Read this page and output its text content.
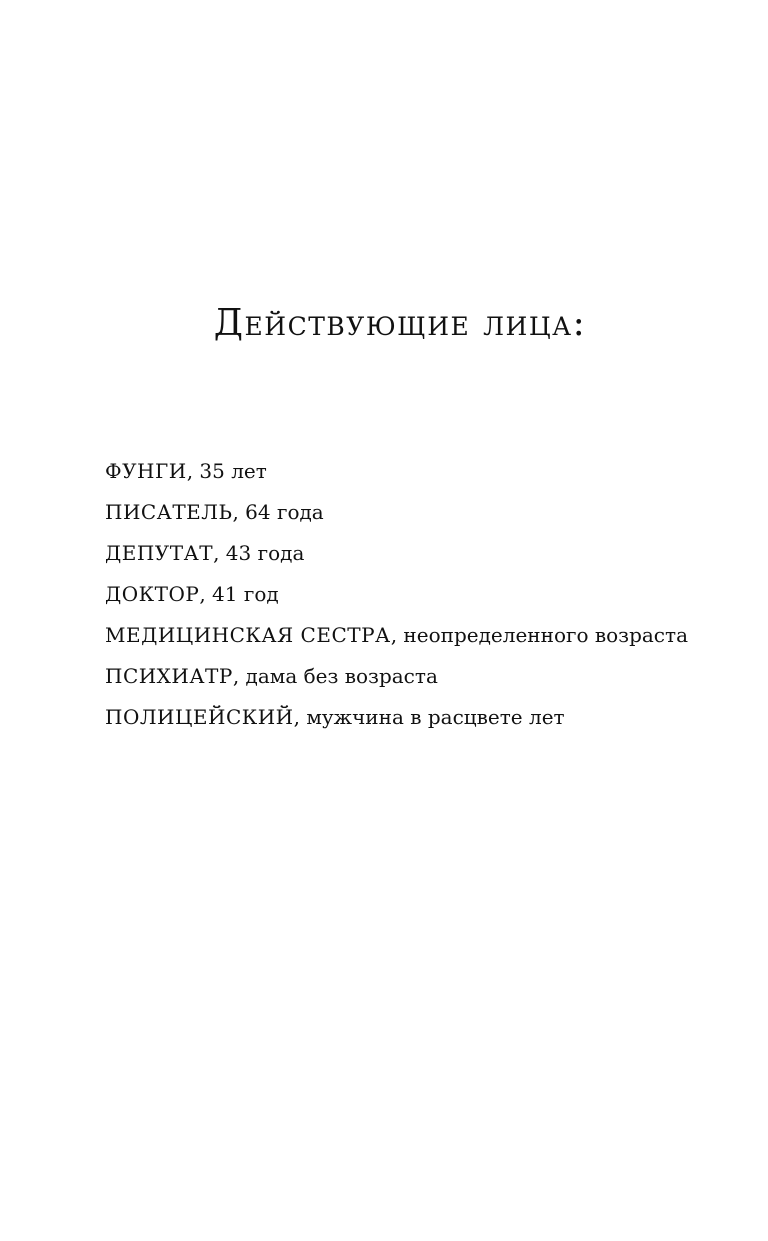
Действующие лица:
ФУНГИ, 35 лет
ПИСАТЕЛЬ, 64 года
ДЕПУТАТ, 43 года
ДОКТОР, 41 год
МЕДИЦИНСКАЯ СЕСТРА, неопределенного возраста
ПСИХИАТР, дама без возраста
ПОЛИЦЕЙСКИЙ, мужчина в расцвете лет
